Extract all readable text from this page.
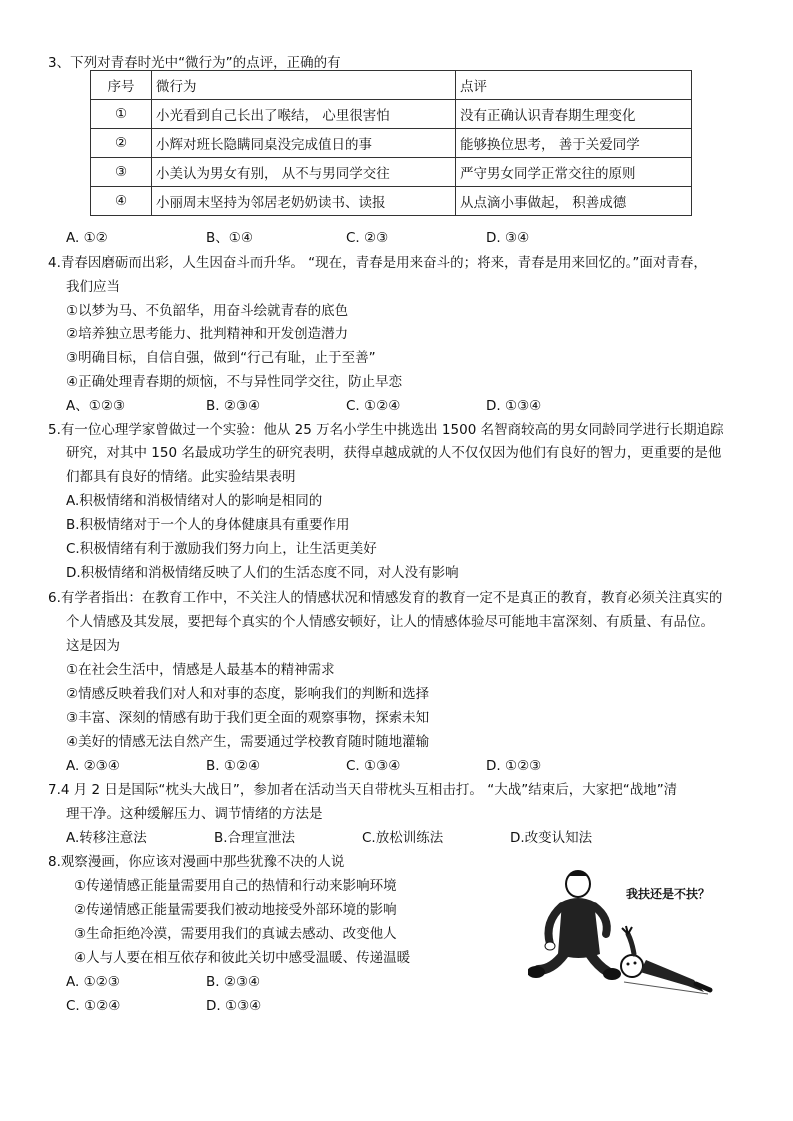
3、下列对青春时光中“微行为”的点评，正确的有
序号	微行为	点评
①	小光看到自己长出了喉结， 心里很害怕	没有正确认识青春期生理变化
②	小辉对班长隐瞒同桌没完成值日的事	能够换位思考， 善于关爱同学
③	小美认为男女有别， 从不与男同学交往	严守男女同学正常交往的原则
④	小丽周末坚持为邻居老奶奶读书、读报	从点滴小事做起， 积善成德
A. ①②	B、①④	C. ②③	D. ③④
4.青春因磨砺而出彩，人生因奋斗而升华。 “现在，青春是用来奋斗的；将来，青春是用来回忆的。”面对青春，
我们应当
①以梦为马、不负韶华，用奋斗绘就青春的底色
②培养独立思考能力、批判精神和开发创造潜力
③明确目标，自信自强，做到“行己有耻，止于至善”
④正确处理青春期的烦恼，不与异性同学交往，防止早恋
A、①②③	B. ②③④	C. ①②④	D. ①③④
5.有一位心理学家曾做过一个实验：他从 25 万名小学生中挑选出 1500 名智商较高的男女同龄同学进行长期追踪
研究，对其中 150 名最成功学生的研究表明，获得卓越成就的人不仅仅因为他们有良好的智力，更重要的是他
们都具有良好的情绪。此实验结果表明
A.积极情绪和消极情绪对人的影响是相同的
B.积极情绪对于一个人的身体健康具有重要作用
C.积极情绪有利于激励我们努力向上，让生活更美好
D.积极情绪和消极情绪反映了人们的生活态度不同，对人没有影响
6.有学者指出：在教育工作中，不关注人的情感状况和情感发育的教育一定不是真正的教育，教育必须关注真实的
个人情感及其发展，要把每个真实的个人情感安顿好，让人的情感体验尽可能地丰富深刻、有质量、有品位。
这是因为
①在社会生活中，情感是人最基本的精神需求
②情感反映着我们对人和对事的态度，影响我们的判断和选择
③丰富、深刻的情感有助于我们更全面的观察事物，探索未知
④美好的情感无法自然产生，需要通过学校教育随时随地灌输
A. ②③④	B. ①②④	C. ①③④	D. ①②③
7.4 月 2 日是国际“枕头大战日”，参加者在活动当天自带枕头互相击打。 “大战”结束后，大家把“战地”清
理干净。这种缓解压力、调节情绪的方法是
A.转移注意法	B.合理宣泄法	C.放松训练法	D.改变认知法
8.观察漫画，你应该对漫画中那些犹豫不决的人说
①传递情感正能量需要用自己的热情和行动来影响环境
②传递情感正能量需要我们被动地接受外部环境的影响
③生命拒绝冷漠，需要用我们的真诚去感动、改变他人
④人与人要在相互依存和彼此关切中感受温暖、传递温暖
A. ①②③	B. ②③④
C. ①②④	D. ①③④
我扶还是不扶？
